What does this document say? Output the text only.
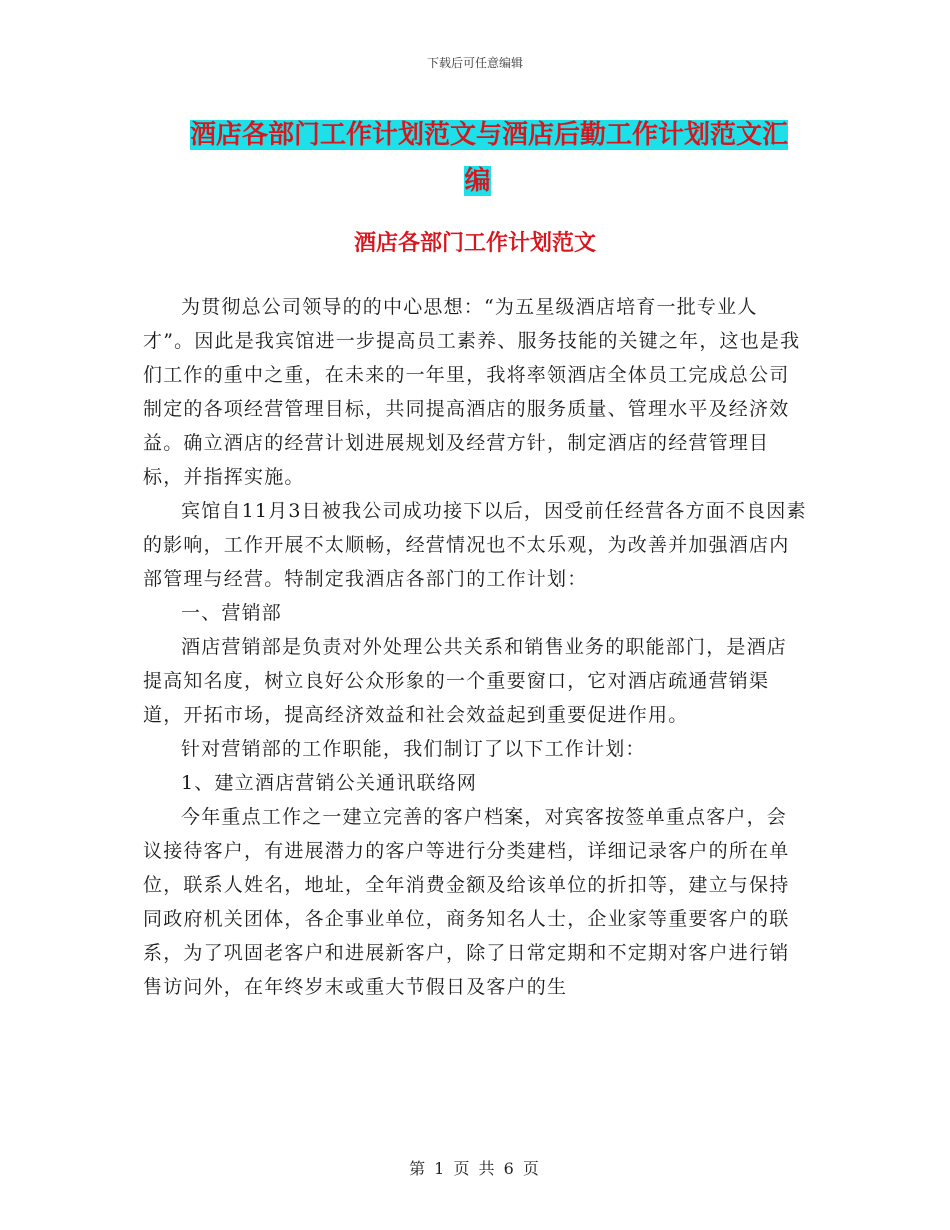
下载后可任意编辑
酒店各部门工作计划范文与酒店后勤工作计划范文汇
编
酒店各部门工作计划范文

为贯彻总公司领导的的中心思想：“为五星级酒店培育一批专业人才”。因此是我宾馆进一步提高员工素养、服务技能的关键之年，这也是我们工作的重中之重，在未来的一年里，我将率领酒店全体员工完成总公司制定的各项经营管理目标，共同提高酒店的服务质量、管理水平及经济效益。确立酒店的经营计划进展规划及经营方针，制定酒店的经营管理目标，并指挥实施。

宾馆自11月3日被我公司成功接下以后，因受前任经营各方面不良因素的影响，工作开展不太顺畅，经营情况也不太乐观，为改善并加强酒店内部管理与经营。特制定我酒店各部门的工作计划：

一、营销部

酒店营销部是负责对外处理公共关系和销售业务的职能部门，是酒店提高知名度，树立良好公众形象的一个重要窗口，它对酒店疏通营销渠道，开拓市场，提高经济效益和社会效益起到重要促进作用。

针对营销部的工作职能，我们制订了以下工作计划：

1、建立酒店营销公关通讯联络网

今年重点工作之一建立完善的客户档案，对宾客按签单重点客户，会议接待客户，有进展潜力的客户等进行分类建档，详细记录客户的所在单位，联系人姓名，地址，全年消费金额及给该单位的折扣等，建立与保持同政府机关团体，各企事业单位，商务知名人士，企业家等重要客户的联系，为了巩固老客户和进展新客户，除了日常定期和不定期对客户进行销售访问外，在年终岁末或重大节假日及客户的生

第 1 页 共 6 页
